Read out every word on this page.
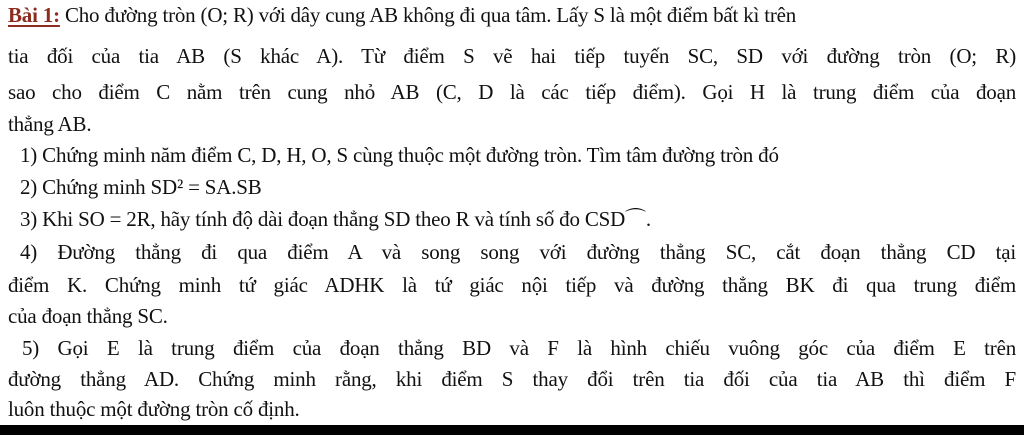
Bài 1: Cho đường tròn (O; R) với dây cung AB không đi qua tâm. Lấy S là một điểm bất kì trên
tia đối của tia AB (S khác A). Từ điểm S vẽ hai tiếp tuyến SC, SD với đường tròn (O; R)
sao cho điểm C nằm trên cung nhỏ AB (C, D là các tiếp điểm). Gọi H là trung điểm của đoạn
thẳng AB.
1) Chứng minh năm điểm C, D, H, O, S cùng thuộc một đường tròn. Tìm tâm đường tròn đó
2) Chứng minh SD² = SA.SB
3) Khi SO = 2R, hãy tính độ dài đoạn thẳng SD theo R và tính số đo CSD⌒.
4) Đường thẳng đi qua điểm A và song song với đường thẳng SC, cắt đoạn thẳng CD tại
điểm K. Chứng minh tứ giác ADHK là tứ giác nội tiếp và đường thẳng BK đi qua trung điểm
của đoạn thẳng SC.
5) Gọi E là trung điểm của đoạn thẳng BD và F là hình chiếu vuông góc của điểm E trên
đường thẳng AD. Chứng minh rằng, khi điểm S thay đổi trên tia đối của tia AB thì điểm F
luôn thuộc một đường tròn cố định.
